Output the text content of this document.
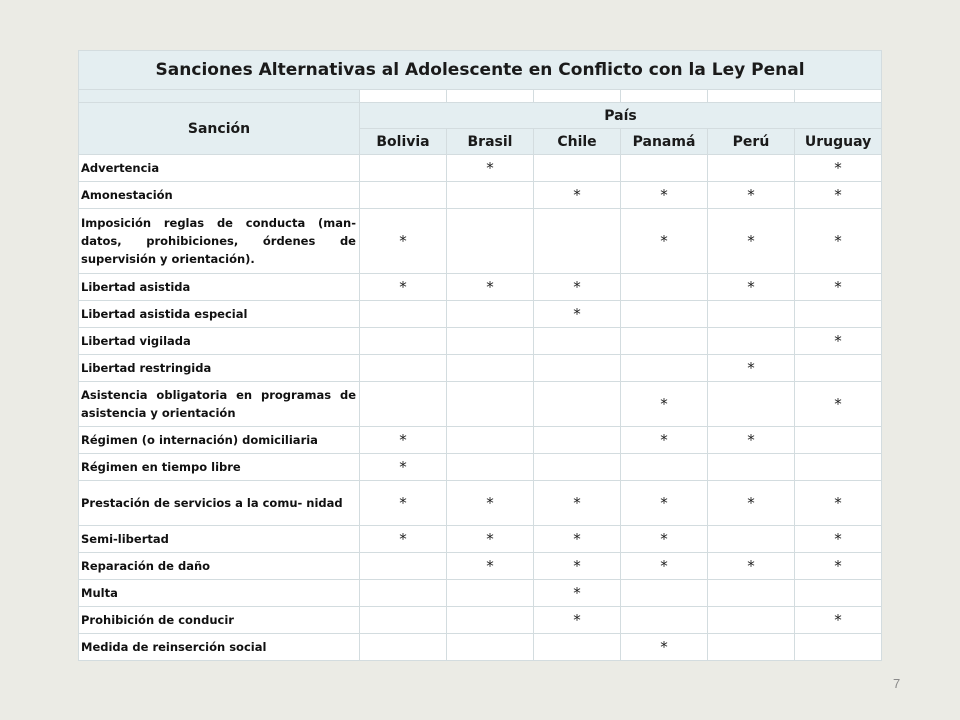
Sanciones Alternativas al Adolescente en Conflicto con la Ley Penal						

Sanción	País					
	Bolivia	Brasil	Chile	Panamá	Perú	Uruguay
Advertencia		*				*
Amonestación			*	*	*	*
Imposición reglas de conducta (man- datos, prohibiciones, órdenes de supervisión y orientación).	*			*	*	*
Libertad asistida	*	*	*		*	*
Libertad asistida especial			*			
Libertad vigilada						*
Libertad restringida					*	
Asistencia obligatoria en programas de asistencia y orientación				*		*
Régimen (o internación) domiciliaria	*			*	*	
Régimen en tiempo libre	*					
Prestación de servicios a la comu- nidad	*	*	*	*	*	*
Semi-libertad	*	*	*	*		*
Reparación de daño		*	*	*	*	*
Multa			*			
Prohibición de conducir			*			*
Medida de reinserción social				*		
7
